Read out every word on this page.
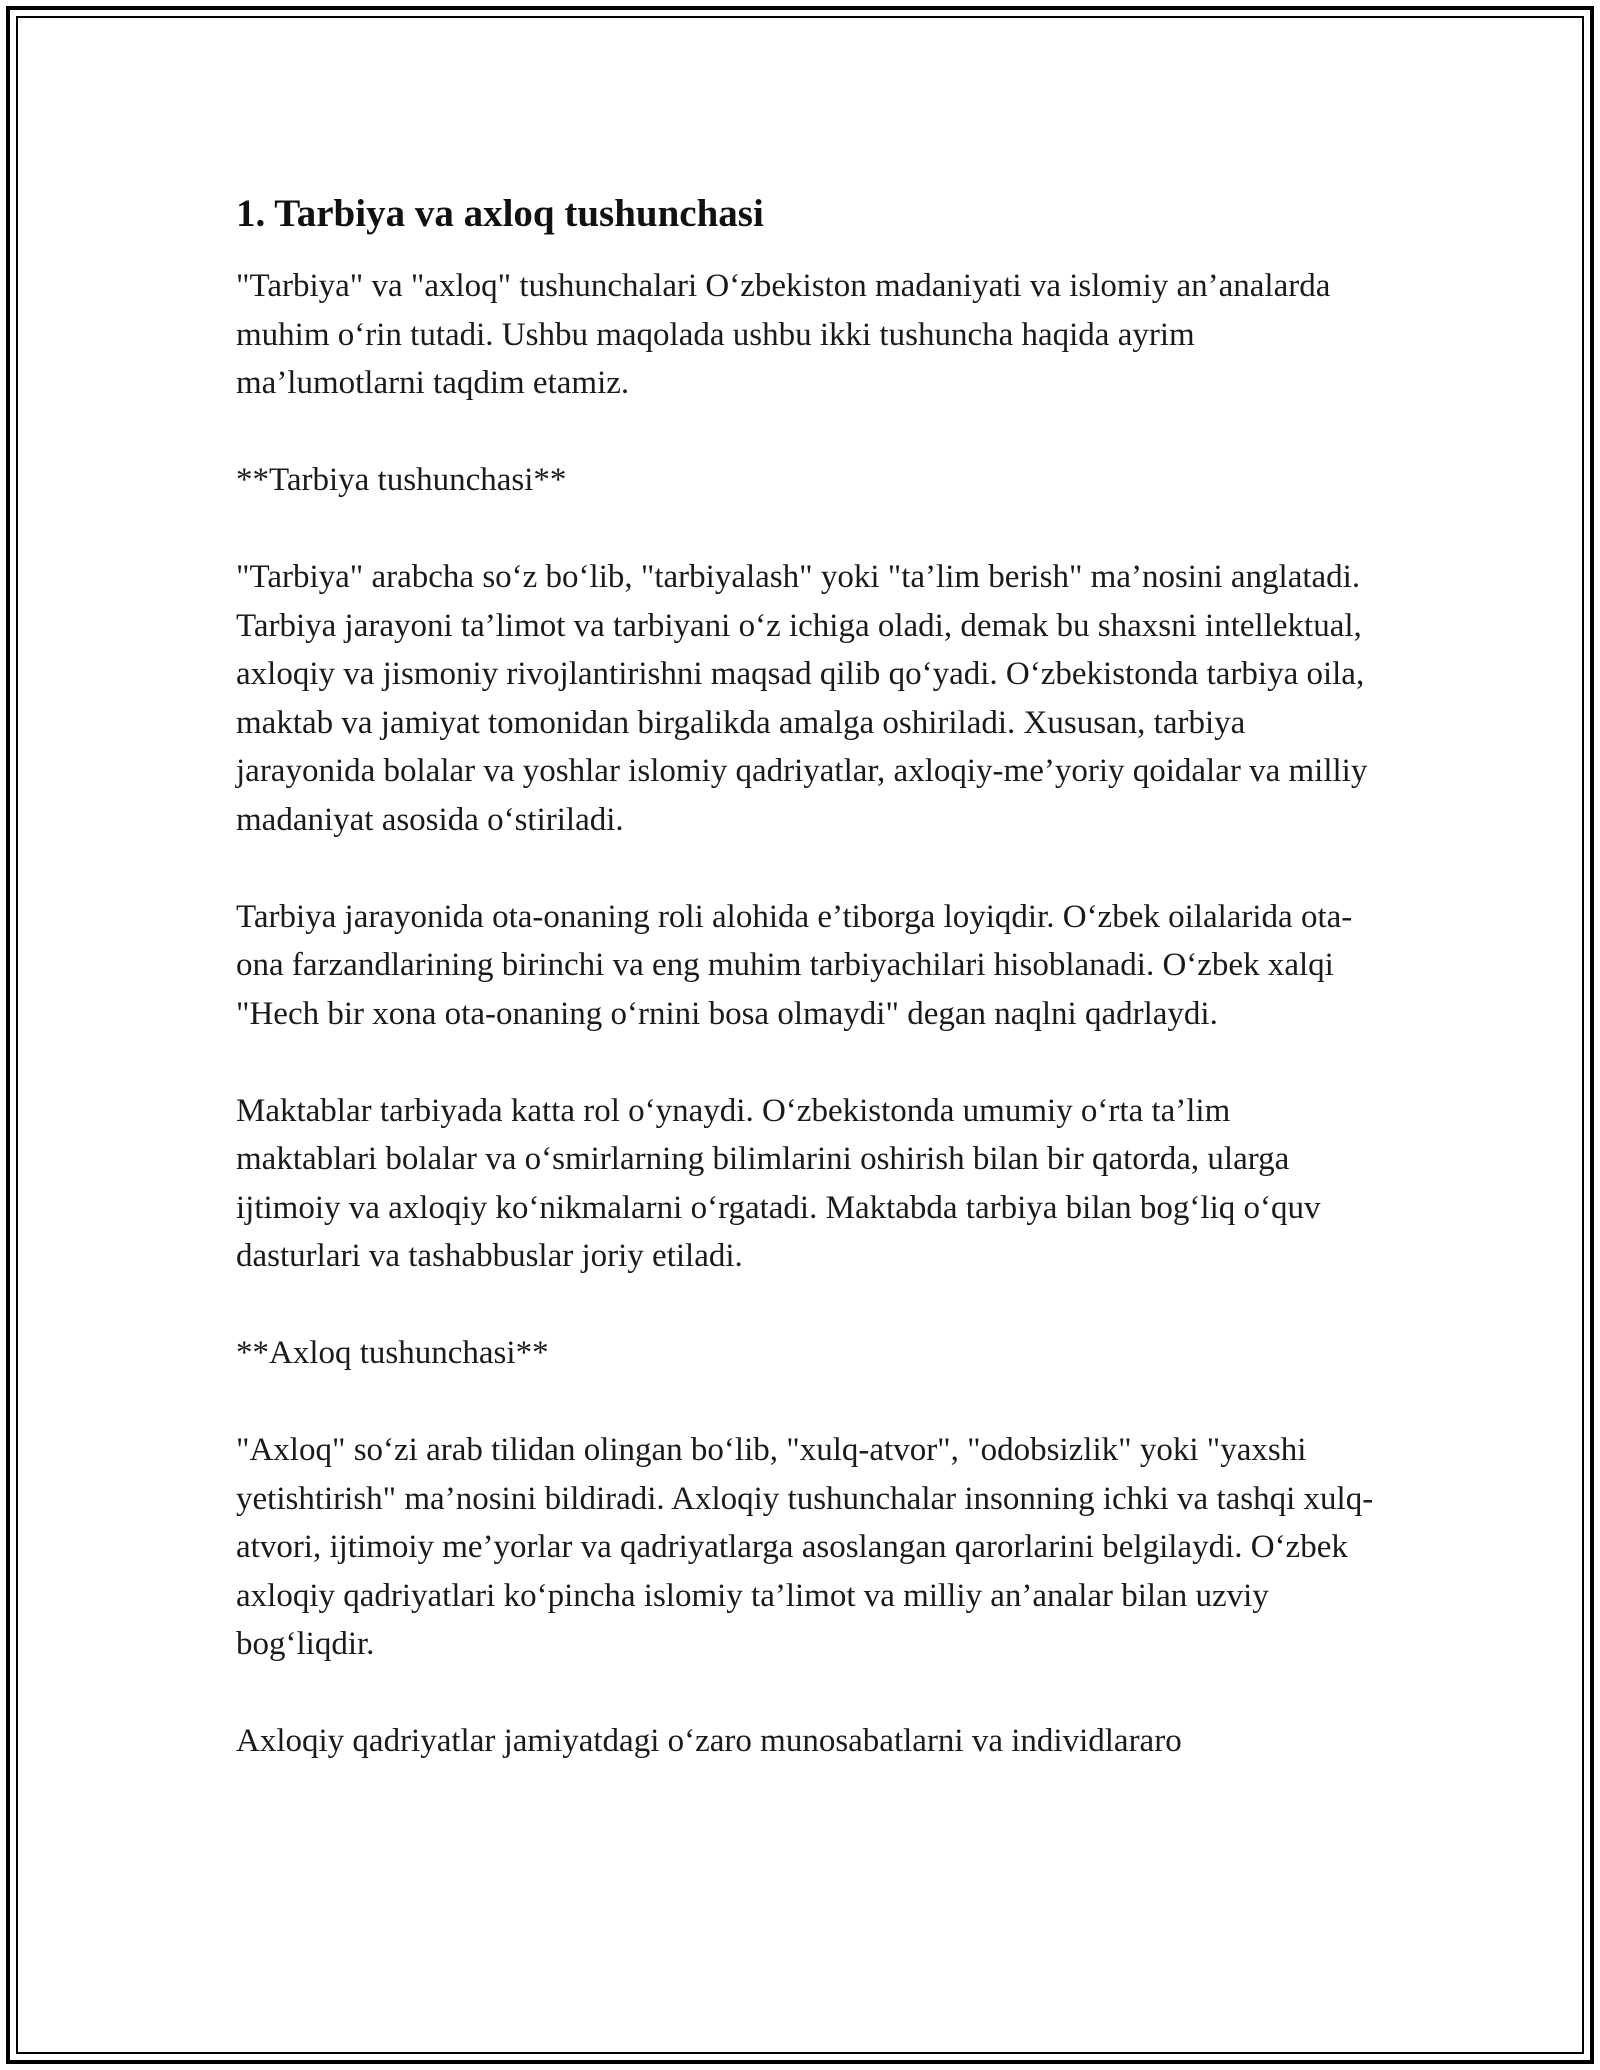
1. Tarbiya va axloq tushunchasi

"Tarbiya" va "axloq" tushunchalari Oʻzbekiston madaniyati va islomiy an’analarda muhim oʻrin tutadi. Ushbu maqolada ushbu ikki tushuncha haqida ayrim ma’lumotlarni taqdim etamiz.

**Tarbiya tushunchasi**

"Tarbiya" arabcha soʻz boʻlib, "tarbiyalash" yoki "ta’lim berish" ma’nosini anglatadi. Tarbiya jarayoni ta’limot va tarbiyani oʻz ichiga oladi, demak bu shaxsni intellektual, axloqiy va jismoniy rivojlantirishni maqsad qilib qoʻyadi. Oʻzbekistonda tarbiya oila, maktab va jamiyat tomonidan birgalikda amalga oshiriladi. Xususan, tarbiya jarayonida bolalar va yoshlar islomiy qadriyatlar, axloqiy-me’yoriy qoidalar va milliy madaniyat asosida oʻstiriladi.

Tarbiya jarayonida ota-onaning roli alohida e’tiborga loyiqdir. Oʻzbek oilalarida ota-ona farzandlarining birinchi va eng muhim tarbiyachilari hisoblanadi. Oʻzbek xalqi "Hech bir xona ota-onaning oʻrnini bosa olmaydi" degan naqlni qadrlaydi.

Maktablar tarbiyada katta rol oʻynaydi. Oʻzbekistonda umumiy oʻrta ta’lim maktablari bolalar va oʻsmirlarning bilimlarini oshirish bilan bir qatorda, ularga ijtimoiy va axloqiy koʻnikmalarni oʻrgatadi. Maktabda tarbiya bilan bogʻliq oʻquv dasturlari va tashabbuslar joriy etiladi.

**Axloq tushunchasi**

"Axloq" soʻzi arab tilidan olingan boʻlib, "xulq-atvor", "odobsizlik" yoki "yaxshi yetishtirish" ma’nosini bildiradi. Axloqiy tushunchalar insonning ichki va tashqi xulq-atvori, ijtimoiy me’yorlar va qadriyatlarga asoslangan qarorlarini belgilaydi. Oʻzbek axloqiy qadriyatlari koʻpincha islomiy ta’limot va milliy an’analar bilan uzviy bogʻliqdir.

Axloqiy qadriyatlar jamiyatdagi oʻzaro munosabatlarni va individlararo
